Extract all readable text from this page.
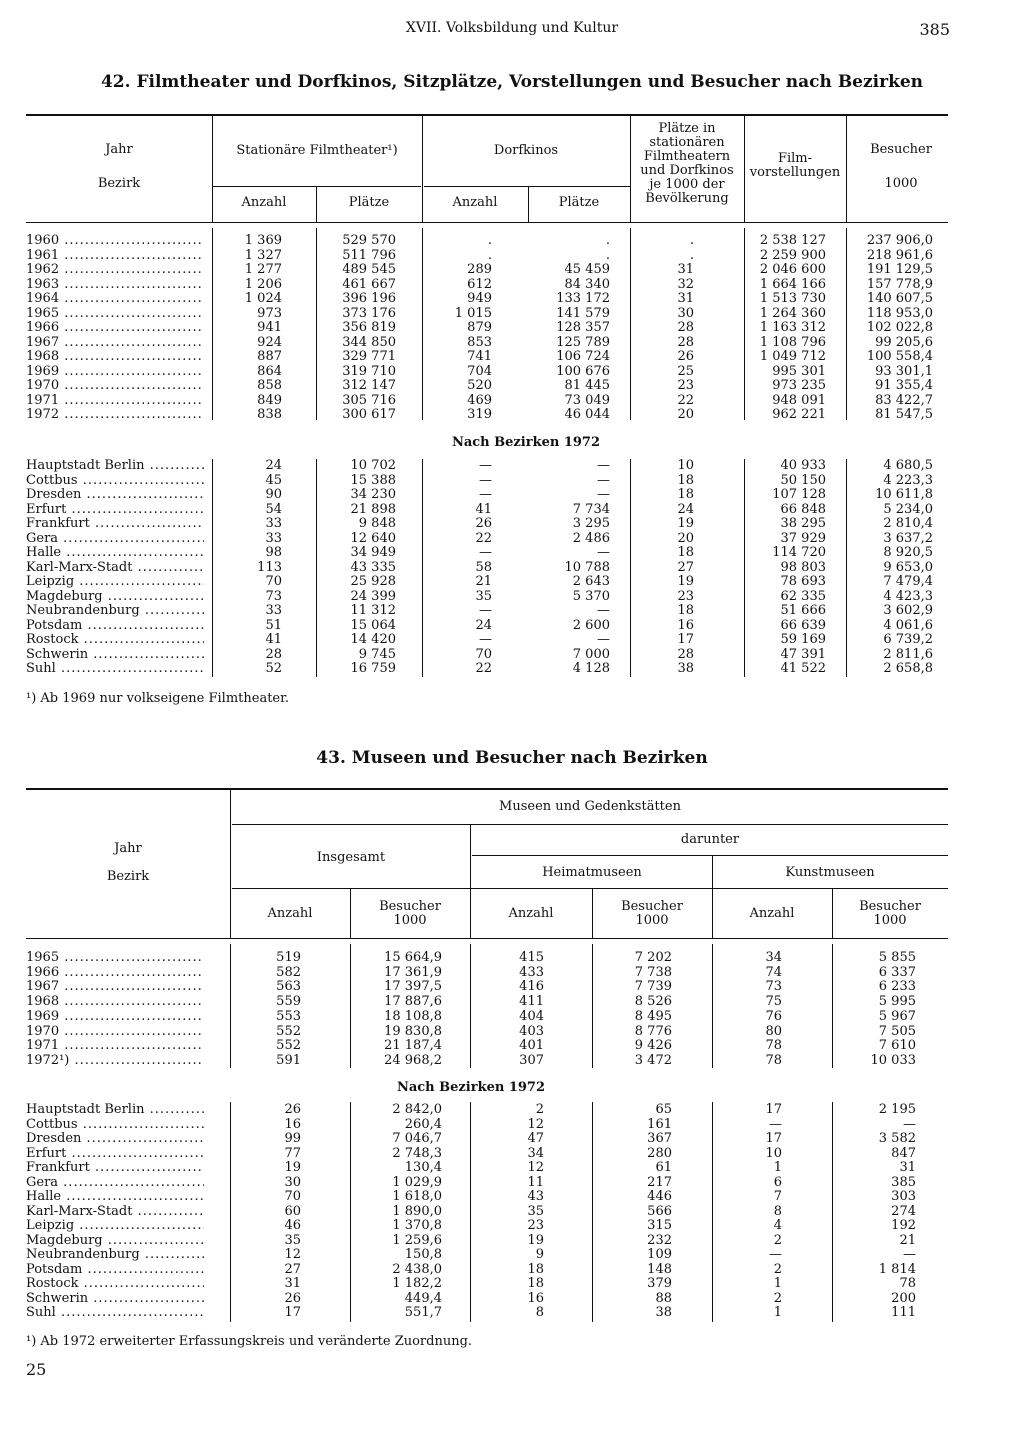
XVII. Volksbildung und Kultur	385
42. Filmtheater und Dorfkinos, Sitzplätze, Vorstellungen und Besucher nach Bezirken
Jahr
Bezirk
Stationäre Filmtheater¹)	Dorfkinos
Anzahl	Plätze	Anzahl	Plätze
Plätze in
stationären
Filmtheatern
und Dorfkinos
je 1000 der
Bevölkerung
Film-
vorstellungen
Besucher
1000
1960 .....	1 369	529 570	.	.	.	2 538 127	237 906,0
1961 .....	1 327	511 796	.	.	.	2 259 900	218 961,6
1962 .....	1 277	489 545	289	45 459	31	2 046 600	191 129,5
1963 .....	1 206	461 667	612	84 340	32	1 664 166	157 778,9
1964 .....	1 024	396 196	949	133 172	31	1 513 730	140 607,5
1965 .....	973	373 176	1 015	141 579	30	1 264 360	118 953,0
1966 .....	941	356 819	879	128 357	28	1 163 312	102 022,8
1967 .....	924	344 850	853	125 789	28	1 108 796	99 205,6
1968 .....	887	329 771	741	106 724	26	1 049 712	100 558,4
1969 .....	864	319 710	704	100 676	25	995 301	93 301,1
1970 .....	858	312 147	520	81 445	23	973 235	91 355,4
1971 .....	849	305 716	469	73 049	22	948 091	83 422,7
1972 .....	838	300 617	319	46 044	20	962 221	81 547,5
Nach Bezirken 1972
Hauptstadt Berlin .....	24	10 702	—	—	10	40 933	4 680,5
Cottbus .....	45	15 388	—	—	18	50 150	4 223,3
Dresden .....	90	34 230	—	—	18	107 128	10 611,8
Erfurt .....	54	21 898	41	7 734	24	66 848	5 234,0
Frankfurt .....	33	9 848	26	3 295	19	38 295	2 810,4
Gera .....	33	12 640	22	2 486	20	37 929	3 637,2
Halle .....	98	34 949	—	—	18	114 720	8 920,5
Karl-Marx-Stadt .....	113	43 335	58	10 788	27	98 803	9 653,0
Leipzig .....	70	25 928	21	2 643	19	78 693	7 479,4
Magdeburg .....	73	24 399	35	5 370	23	62 335	4 423,3
Neubrandenburg .....	33	11 312	—	—	18	51 666	3 602,9
Potsdam .....	51	15 064	24	2 600	16	66 639	4 061,6
Rostock .....	41	14 420	—	—	17	59 169	6 739,2
Schwerin .....	28	9 745	70	7 000	28	47 391	2 811,6
Suhl .....	52	16 759	22	4 128	38	41 522	2 658,8
¹) Ab 1969 nur volkseigene Filmtheater.
43. Museen und Besucher nach Bezirken
Jahr
Bezirk
Museen und Gedenkstätten
darunter
Insgesamt
Heimatmuseen	Kunstmuseen
Anzahl	Besucher
1000	Anzahl	Besucher
1000	Anzahl	Besucher
1000
1965 .....	519	15 664,9	415	7 202	34	5 855
1966 .....	582	17 361,9	433	7 738	74	6 337
1967 .....	563	17 397,5	416	7 739	73	6 233
1968 .....	559	17 887,6	411	8 526	75	5 995
1969 .....	553	18 108,8	404	8 495	76	5 967
1970 .....	552	19 830,8	403	8 776	80	7 505
1971 .....	552	21 187,4	401	9 426	78	7 610
1972¹) .....	591	24 968,2	307	3 472	78	10 033
Nach Bezirken 1972
Hauptstadt Berlin .....	26	2 842,0	2	65	17	2 195
Cottbus .....	16	260,4	12	161	—	—
Dresden .....	99	7 046,7	47	367	17	3 582
Erfurt .....	77	2 748,3	34	280	10	847
Frankfurt .....	19	130,4	12	61	1	31
Gera .....	30	1 029,9	11	217	6	385
Halle .....	70	1 618,0	43	446	7	303
Karl-Marx-Stadt .....	60	1 890,0	35	566	8	274
Leipzig .....	46	1 370,8	23	315	4	192
Magdeburg .....	35	1 259,6	19	232	2	21
Neubrandenburg .....	12	150,8	9	109	—	—
Potsdam .....	27	2 438,0	18	148	2	1 814
Rostock .....	31	1 182,2	18	379	1	78
Schwerin .....	26	449,4	16	88	2	200
Suhl .....	17	551,7	8	38	1	111
¹) Ab 1972 erweiterter Erfassungskreis und veränderte Zuordnung.
25
